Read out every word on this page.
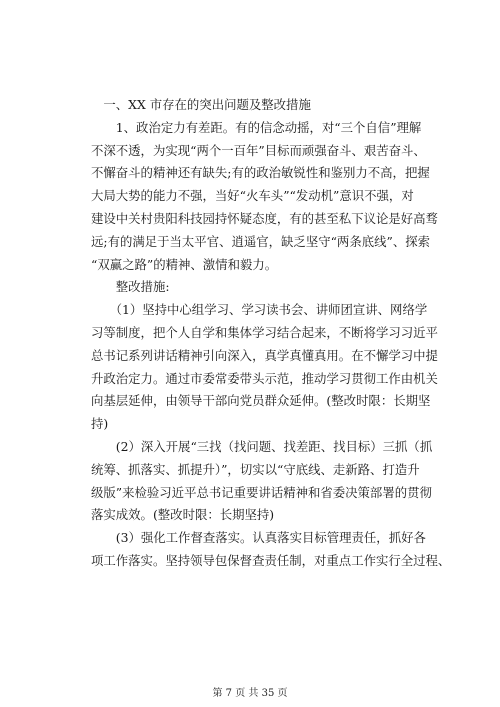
　一、XX 市存在的突出问题及整改措施
　　1、政治定力有差距。有的信念动摇，对“三个自信”理解
不深不透，为实现“两个一百年”目标而顽强奋斗、艰苦奋斗、
不懈奋斗的精神还有缺失;有的政治敏锐性和鉴别力不高，把握
大局大势的能力不强，当好“火车头”“发动机”意识不强，对
建设中关村贵阳科技园持怀疑态度，有的甚至私下议论是好高骛
远;有的满足于当太平官、逍遥官，缺乏坚守“两条底线”、探索
“双赢之路”的精神、激情和毅力。
　　整改措施:
　　（1）坚持中心组学习、学习读书会、讲师团宣讲、网络学
习等制度，把个人自学和集体学习结合起来，不断将学习习近平
总书记系列讲话精神引向深入，真学真懂真用。在不懈学习中提
升政治定力。通过市委常委带头示范，推动学习贯彻工作由机关
向基层延伸，由领导干部向党员群众延伸。(整改时限：长期坚
持)
　　(2）深入开展“三找（找问题、找差距、找目标）三抓（抓
统筹、抓落实、抓提升）”，切实以“守底线、走新路、打造升
级版”来检验习近平总书记重要讲话精神和省委决策部署的贯彻
落实成效。(整改时限：长期坚持)
　　(3）强化工作督查落实。认真落实目标管理责任，抓好各
项工作落实。坚持领导包保督查责任制，对重点工作实行全过程、
第 7 页 共 35 页
